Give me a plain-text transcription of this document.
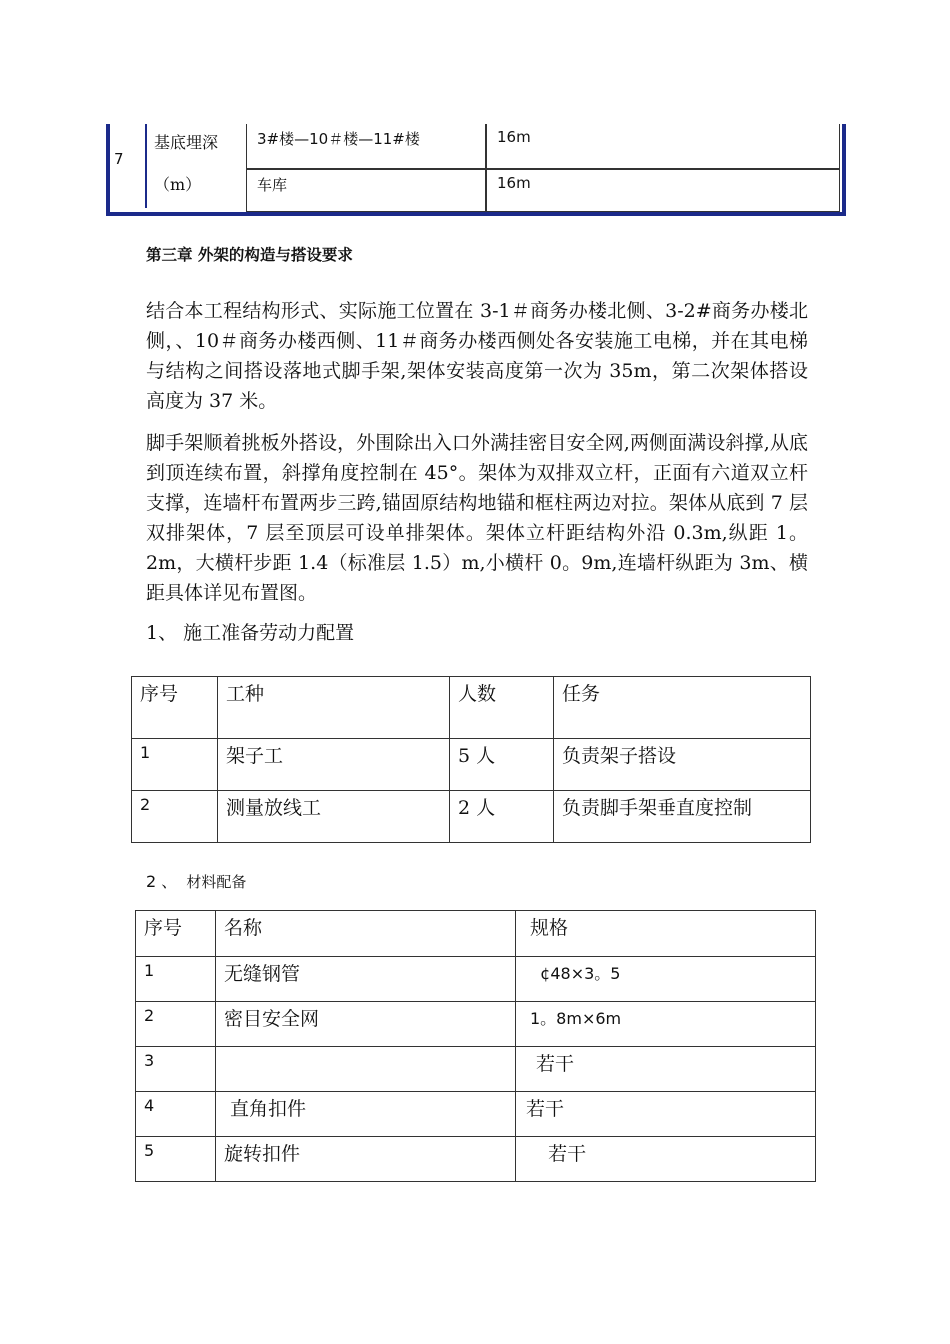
7
基底埋深
（m）
3#楼—10＃楼—11#楼	16m
车库	16m
第三章 外架的构造与搭设要求

结合本工程结构形式、实际施工位置在 3-1＃商务办楼北侧、3-2#商务办楼北侧，、10＃商务办楼西侧、11＃商务办楼西侧处各安装施工电梯，并在其电梯与结构之间搭设落地式脚手架,架体安装高度第一次为 35m，第二次架体搭设高度为 37 米。

脚手架顺着挑板外搭设，外围除出入口外满挂密目安全网,两侧面满设斜撑,从底到顶连续布置，斜撑角度控制在 45°。架体为双排双立杆，正面有六道双立杆支撑，连墙杆布置两步三跨,锚固原结构地锚和框柱两边对拉。架体从底到 7 层双排架体，7 层至顶层可设单排架体。架体立杆距结构外沿 0.3m,纵距 1。2m，大横杆步距 1.4（标准层 1.5）m,小横杆 0。9m,连墙杆纵距为 3m、横距具体详见布置图。

1、 施工准备劳动力配置
序号	工种	人数	任务
1	架子工	5 人	负责架子搭设
2	测量放线工	2 人	负责脚手架垂直度控制
2 、 材料配备
序号	名称	规格
1	无缝钢管	¢48×3。5
2	密目安全网	1。8m×6m
3		若干
4	直角扣件	若干
5	旋转扣件	若干
